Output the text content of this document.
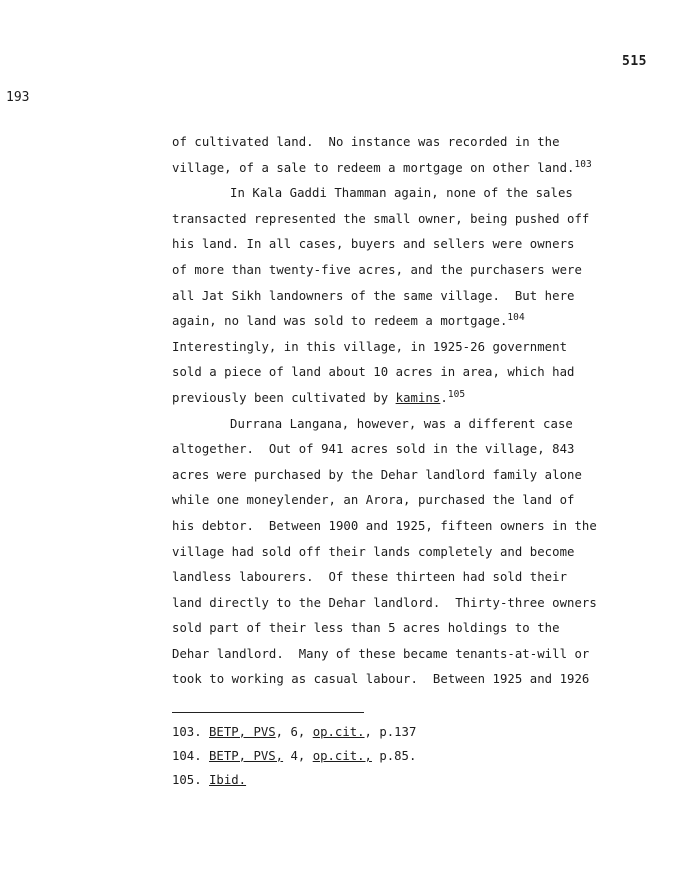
515
193
of cultivated land.  No instance was recorded in the
village, of a sale to redeem a mortgage on other land.$^{103}$
In Kala Gaddi Thamman again, none of the sales
transacted represented the small owner, being pushed off
his land. In all cases, buyers and sellers were owners
of more than twenty-five acres, and the purchasers were
all Jat Sikh landowners of the same village.  But here
again, no land was sold to redeem a mortgage.$^{104}$
Interestingly, in this village, in 1925-26 government
sold a piece of land about 10 acres in area, which had
previously been cultivated by kamins.$^{105}$
Durrana Langana, however, was a different case
altogether.  Out of 941 acres sold in the village, 843
acres were purchased by the Dehar landlord family alone
while one moneylender, an Arora, purchased the land of
his debtor.  Between 1900 and 1925, fifteen owners in the
village had sold off their lands completely and become
landless labourers.  Of these thirteen had sold their
land directly to the Dehar landlord.  Thirty-three owners
sold part of their less than 5 acres holdings to the
Dehar landlord.  Many of these became tenants-at-will or
took to working as casual labour.  Between 1925 and 1926
103. BETP, PVS, 6, op.cit., p.137
104. BETP, PVS, 4, op.cit., p.85.
105. Ibid.
